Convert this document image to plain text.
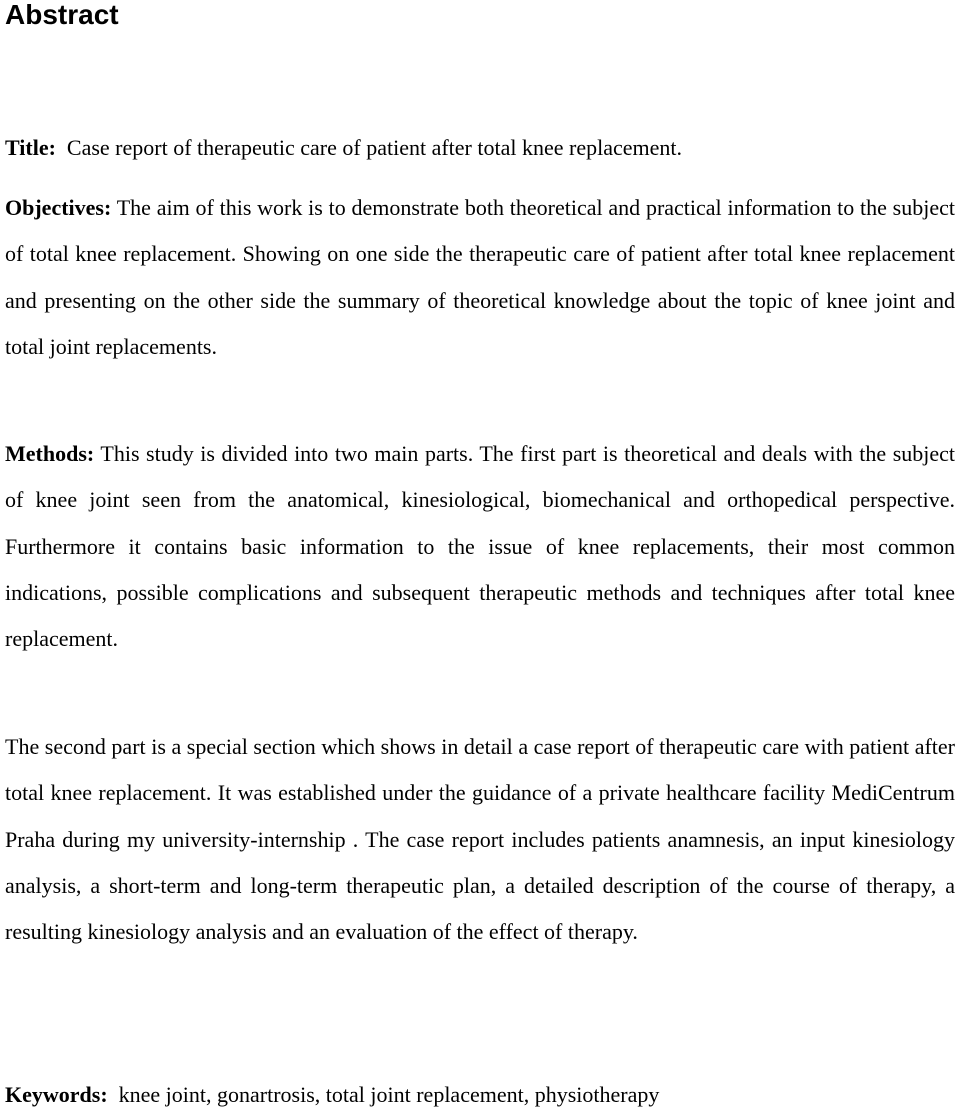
Abstract

Title: Case report of therapeutic care of patient after total knee replacement.

Objectives: The aim of this work is to demonstrate both theoretical and practical information to the subject of total knee replacement. Showing on one side the therapeutic care of patient after total knee replacement and presenting on the other side the summary of theoretical knowledge about the topic of knee joint and total joint replacements.

Methods: This study is divided into two main parts. The first part is theoretical and deals with the subject of knee joint seen from the anatomical, kinesiological, biomechanical and orthopedical perspective. Furthermore it contains basic information to the issue of knee replacements, their most common indications, possible complications and subsequent therapeutic methods and techniques after total knee replacement.

The second part is a special section which shows in detail a case report of therapeutic care with patient after total knee replacement. It was established under the guidance of a private healthcare facility MediCentrum Praha during my university-internship . The case report includes patients anamnesis, an input kinesiology analysis, a short-term and long-term therapeutic plan, a detailed description of the course of therapy, a resulting kinesiology analysis and an evaluation of the effect of therapy.

Keywords: knee joint, gonartrosis, total joint replacement, physiotherapy
